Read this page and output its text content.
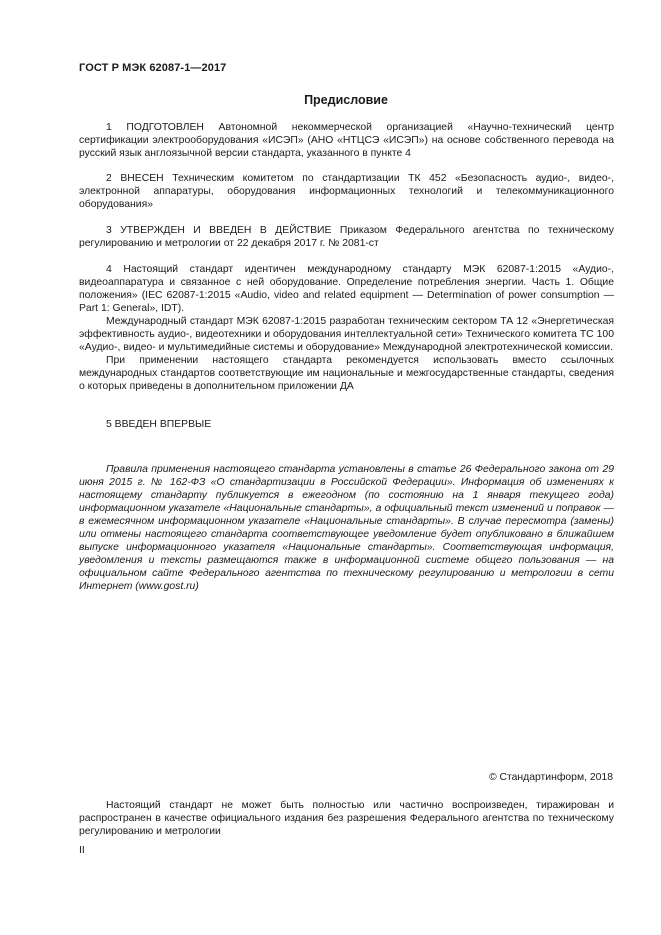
ГОСТ Р МЭК 62087-1—2017
Предисловие

1 ПОДГОТОВЛЕН Автономной некоммерческой организацией «Научно-технический центр сертификации электрооборудования «ИСЭП» (АНО «НТЦСЭ «ИСЭП») на основе собственного перевода на русский язык англоязычной версии стандарта, указанного в пункте 4

2 ВНЕСЕН Техническим комитетом по стандартизации ТК 452 «Безопасность аудио-, видео-, электронной аппаратуры, оборудования информационных технологий и телекоммуникационного оборудования»

3 УТВЕРЖДЕН И ВВЕДЕН В ДЕЙСТВИЕ Приказом Федерального агентства по техническому регулированию и метрологии от 22 декабря 2017 г. № 2081-ст

4 Настоящий стандарт идентичен международному стандарту МЭК 62087-1:2015 «Аудио-, видеоаппаратура и связанное с ней оборудование. Определение потребления энергии. Часть 1. Общие положения» (IEC 62087-1:2015 «Audio, video and related equipment — Determination of power consumption — Part 1: General», IDT).

Международный стандарт МЭК 62087-1:2015 разработан техническим сектором ТА 12 «Энергетическая эффективность аудио-, видеотехники и оборудования интеллектуальной сети» Технического комитета ТС 100 «Аудио-, видео- и мультимедийные системы и оборудование» Международной электротехнической комиссии.

При применении настоящего стандарта рекомендуется использовать вместо ссылочных международных стандартов соответствующие им национальные и межгосударственные стандарты, сведения о которых приведены в дополнительном приложении ДА

5 ВВЕДЕН ВПЕРВЫЕ

Правила применения настоящего стандарта установлены в статье 26 Федерального закона от 29 июня 2015 г. № 162-ФЗ «О стандартизации в Российской Федерации». Информация об изменениях к настоящему стандарту публикуется в ежегодном (по состоянию на 1 января текущего года) информационном указателе «Национальные стандарты», а официальный текст изменений и поправок — в ежемесячном информационном указателе «Национальные стандарты». В случае пересмотра (замены) или отмены настоящего стандарта соответствующее уведомление будет опубликовано в ближайшем выпуске информационного указателя «Национальные стандарты». Соответствующая информация, уведомления и тексты размещаются также в информационной системе общего пользования — на официальном сайте Федерального агентства по техническому регулированию и метрологии в сети Интернет (www.gost.ru)

© Стандартинформ, 2018

Настоящий стандарт не может быть полностью или частично воспроизведен, тиражирован и распространен в качестве официального издания без разрешения Федерального агентства по техническому регулированию и метрологии

II
